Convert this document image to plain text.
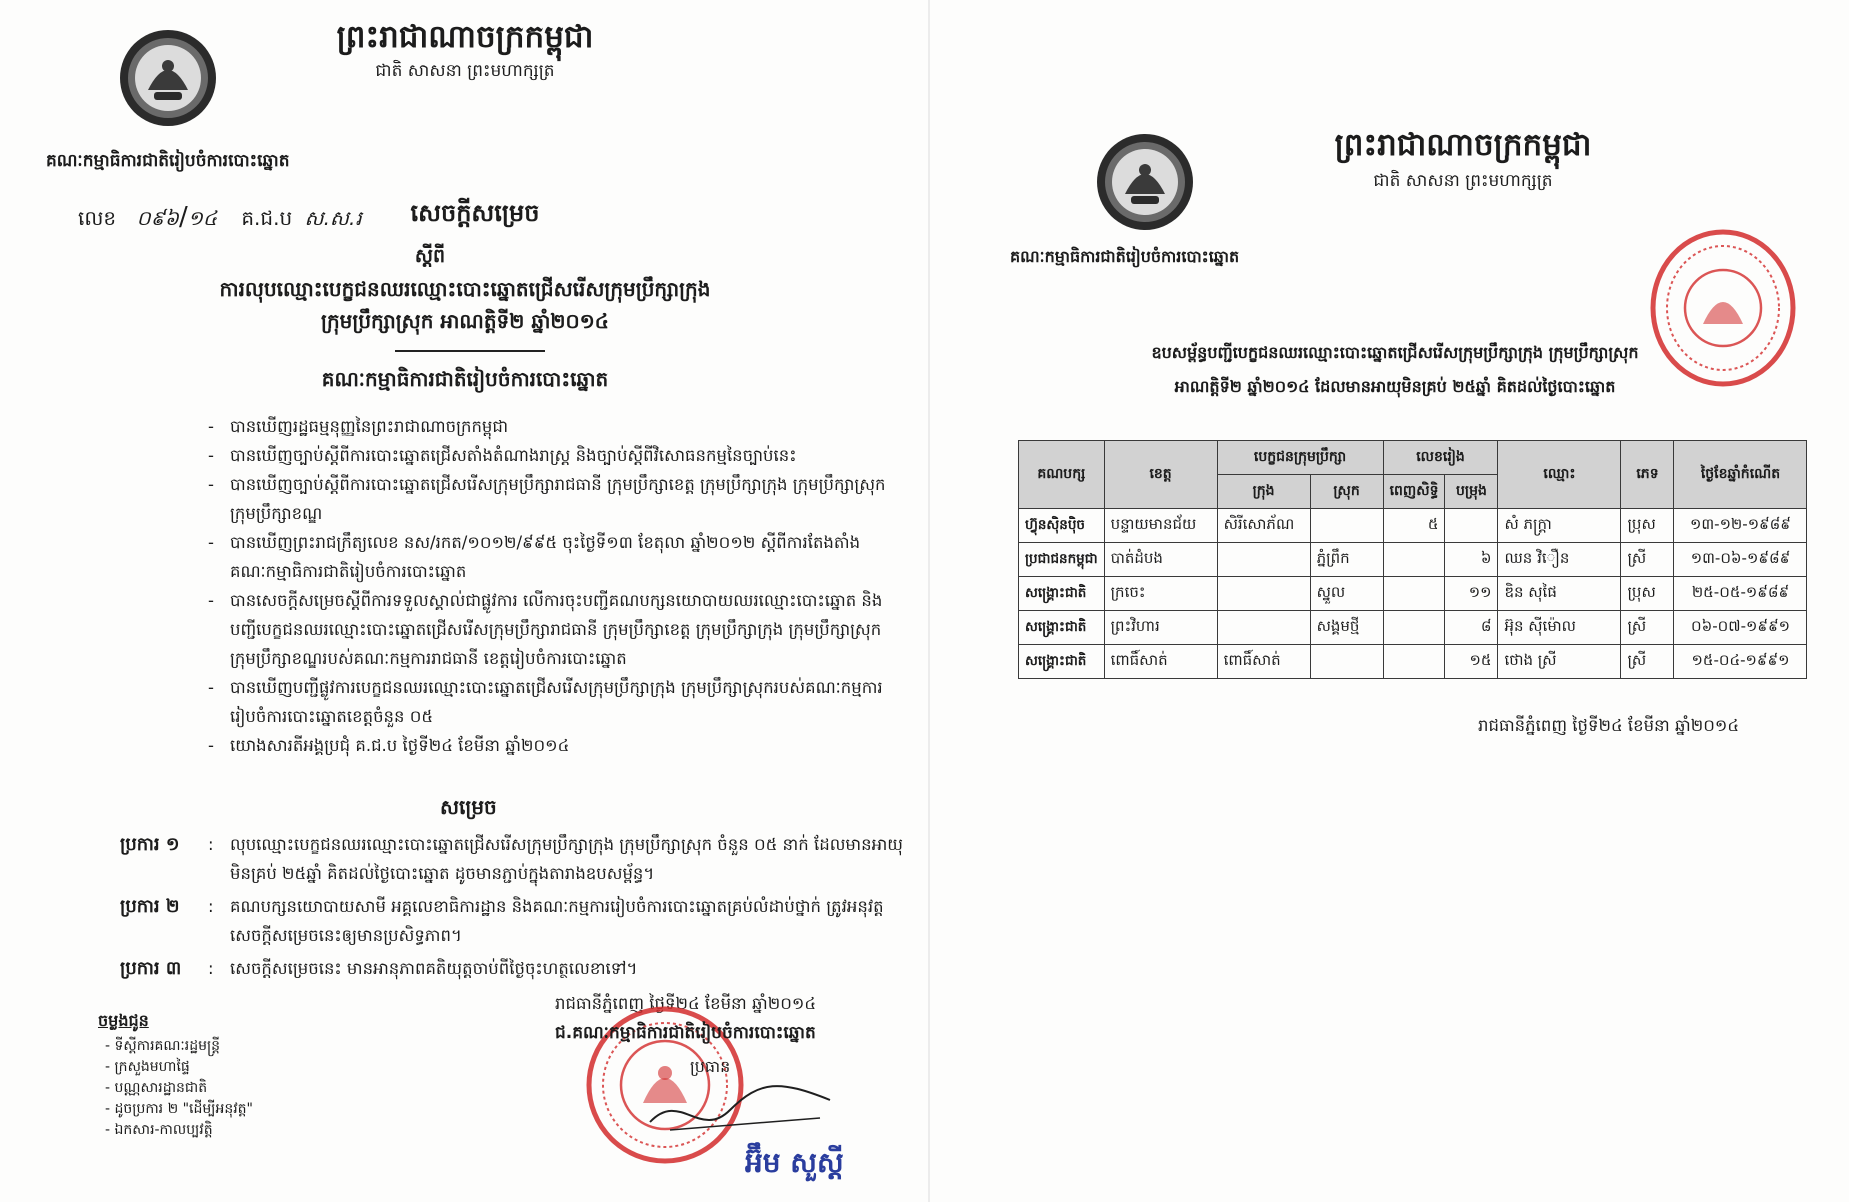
ព្រះរាជាណាចក្រកម្ពុជា
ជាតិ សាសនា ព្រះមហាក្សត្រ
គណៈកម្មាធិការជាតិរៀបចំការបោះឆ្នោត
លេខ ០៩៦/១៤ គ.ជ.ប ស.ស.រ	សេចក្តីសម្រេច
ស្តីពី
ការលុបឈ្មោះបេក្ខជនឈរឈ្មោះបោះឆ្នោតជ្រើសរើសក្រុមប្រឹក្សាក្រុង
ក្រុមប្រឹក្សាស្រុក អាណត្តិទី២ ឆ្នាំ២០១៤
គណៈកម្មាធិការជាតិរៀបចំការបោះឆ្នោត
- បានឃើញរដ្ឋធម្មនុញ្ញនៃព្រះរាជាណាចក្រកម្ពុជា
- បានឃើញច្បាប់ស្តីពីការបោះឆ្នោតជ្រើសតាំងតំណាងរាស្ត្រ និងច្បាប់ស្តីពីវិសោធនកម្មនៃច្បាប់នេះ
- បានឃើញច្បាប់ស្តីពីការបោះឆ្នោតជ្រើសរើសក្រុមប្រឹក្សារាជធានី ក្រុមប្រឹក្សាខេត្ត ក្រុមប្រឹក្សាក្រុង ក្រុមប្រឹក្សាស្រុក ក្រុមប្រឹក្សាខណ្ឌ
- បានឃើញព្រះរាជក្រឹត្យលេខ នស/រកត/១០១២/៩៩៥ ចុះថ្ងៃទី១៣ ខែតុលា ឆ្នាំ២០១២ ស្តីពីការតែងតាំងគណៈកម្មាធិការជាតិរៀបចំការបោះឆ្នោត
- បានសេចក្តីសម្រេចស្តីពីការទទួលស្គាល់ជាផ្លូវការ លើការចុះបញ្ជីគណបក្សនយោបាយឈរឈ្មោះបោះឆ្នោត និងបញ្ជីបេក្ខជនឈរឈ្មោះបោះឆ្នោតជ្រើសរើសក្រុមប្រឹក្សារាជធានី ក្រុមប្រឹក្សាខេត្ត ក្រុមប្រឹក្សាក្រុង ក្រុមប្រឹក្សាស្រុក ក្រុមប្រឹក្សាខណ្ឌរបស់គណៈកម្មការរាជធានី ខេត្តរៀបចំការបោះឆ្នោត
- បានឃើញបញ្ជីផ្លូវការបេក្ខជនឈរឈ្មោះបោះឆ្នោតជ្រើសរើសក្រុមប្រឹក្សាក្រុង ក្រុមប្រឹក្សាស្រុករបស់គណៈកម្មការរៀបចំការបោះឆ្នោតខេត្តចំនួន ០៥
- យោងសារតីអង្គប្រជុំ គ.ជ.ប ថ្ងៃទី២៤ ខែមីនា ឆ្នាំ២០១៤
សម្រេច
ប្រការ ១ : លុបឈ្មោះបេក្ខជនឈរឈ្មោះបោះឆ្នោតជ្រើសរើសក្រុមប្រឹក្សាក្រុង ក្រុមប្រឹក្សាស្រុក ចំនួន ០៥ នាក់ ដែលមានអាយុមិនគ្រប់ ២៥ឆ្នាំ គិតដល់ថ្ងៃបោះឆ្នោត ដូចមានភ្ជាប់ក្នុងតារាងឧបសម្ព័ន្ធ។
ប្រការ ២ : គណបក្សនយោបាយសាមី អគ្គលេខាធិការដ្ឋាន និងគណៈកម្មការរៀបចំការបោះឆ្នោតគ្រប់លំដាប់ថ្នាក់ ត្រូវអនុវត្តសេចក្តីសម្រេចនេះឲ្យមានប្រសិទ្ធភាព។
ប្រការ ៣ : សេចក្តីសម្រេចនេះ មានអានុភាពគតិយុត្តចាប់ពីថ្ងៃចុះហត្ថលេខាទៅ។
រាជធានីភ្នំពេញ ថ្ងៃទី២៤ ខែមីនា ឆ្នាំ២០១៤
ជ.គណៈកម្មាធិការជាតិរៀបចំការបោះឆ្នោត
ប្រធាន
អ៊ឹម សួស្តី
ចម្លងជូន
- ទីស្តីការគណៈរដ្ឋមន្ត្រី
- ក្រសួងមហាផ្ទៃ
- បណ្ណសារដ្ឋានជាតិ
- ដូចប្រការ ២ "ដើម្បីអនុវត្ត"
- ឯកសារ-កាលប្បវត្តិ
ព្រះរាជាណាចក្រកម្ពុជា
ជាតិ សាសនា ព្រះមហាក្សត្រ
គណៈកម្មាធិការជាតិរៀបចំការបោះឆ្នោត
ឧបសម្ព័ន្ធបញ្ជីបេក្ខជនឈរឈ្មោះបោះឆ្នោតជ្រើសរើសក្រុមប្រឹក្សាក្រុង ក្រុមប្រឹក្សាស្រុក
អាណត្តិទី២ ឆ្នាំ២០១៤ ដែលមានអាយុមិនគ្រប់ ២៥ឆ្នាំ គិតដល់ថ្ងៃបោះឆ្នោត
គណបក្ស	ខេត្ត	បេក្ខជនក្រុមប្រឹក្សា		លេខរៀង		ឈ្មោះ	ភេទ	ថ្ងៃខែឆ្នាំកំណើត
		ក្រុង	ស្រុក	ពេញសិទ្ធិ	បម្រុង			
ហ៊្វុនស៊ិនប៉ិច	បន្ទាយមានជ័យ	សិរីសោភ័ណ		៥		សំ ភក្រ្តា	ប្រុស	១៣-១២-១៩៨៩
ប្រជាជនកម្ពុជា	បាត់ដំបង		ភ្នំព្រឹក		៦	ឈន វិឿន	ស្រី	១៣-០៦-១៩៨៩
សង្គ្រោះជាតិ	ក្រចេះ		ស្នួល		១១	ឌិន សុផៃ	ប្រុស	២៥-០៥-១៩៨៩
សង្គ្រោះជាតិ	ព្រះវិហារ		សង្គមថ្មី		៨	អ៊ុន ស៊ីម៉ោល	ស្រី	០៦-០៧-១៩៩១
សង្គ្រោះជាតិ	ពោធិ៍សាត់	ពោធិ៍សាត់			១៥	ថោង ស្រី	ស្រី	១៥-០៤-១៩៩១
រាជធានីភ្នំពេញ ថ្ងៃទី២៤ ខែមីនា ឆ្នាំ២០១៤
